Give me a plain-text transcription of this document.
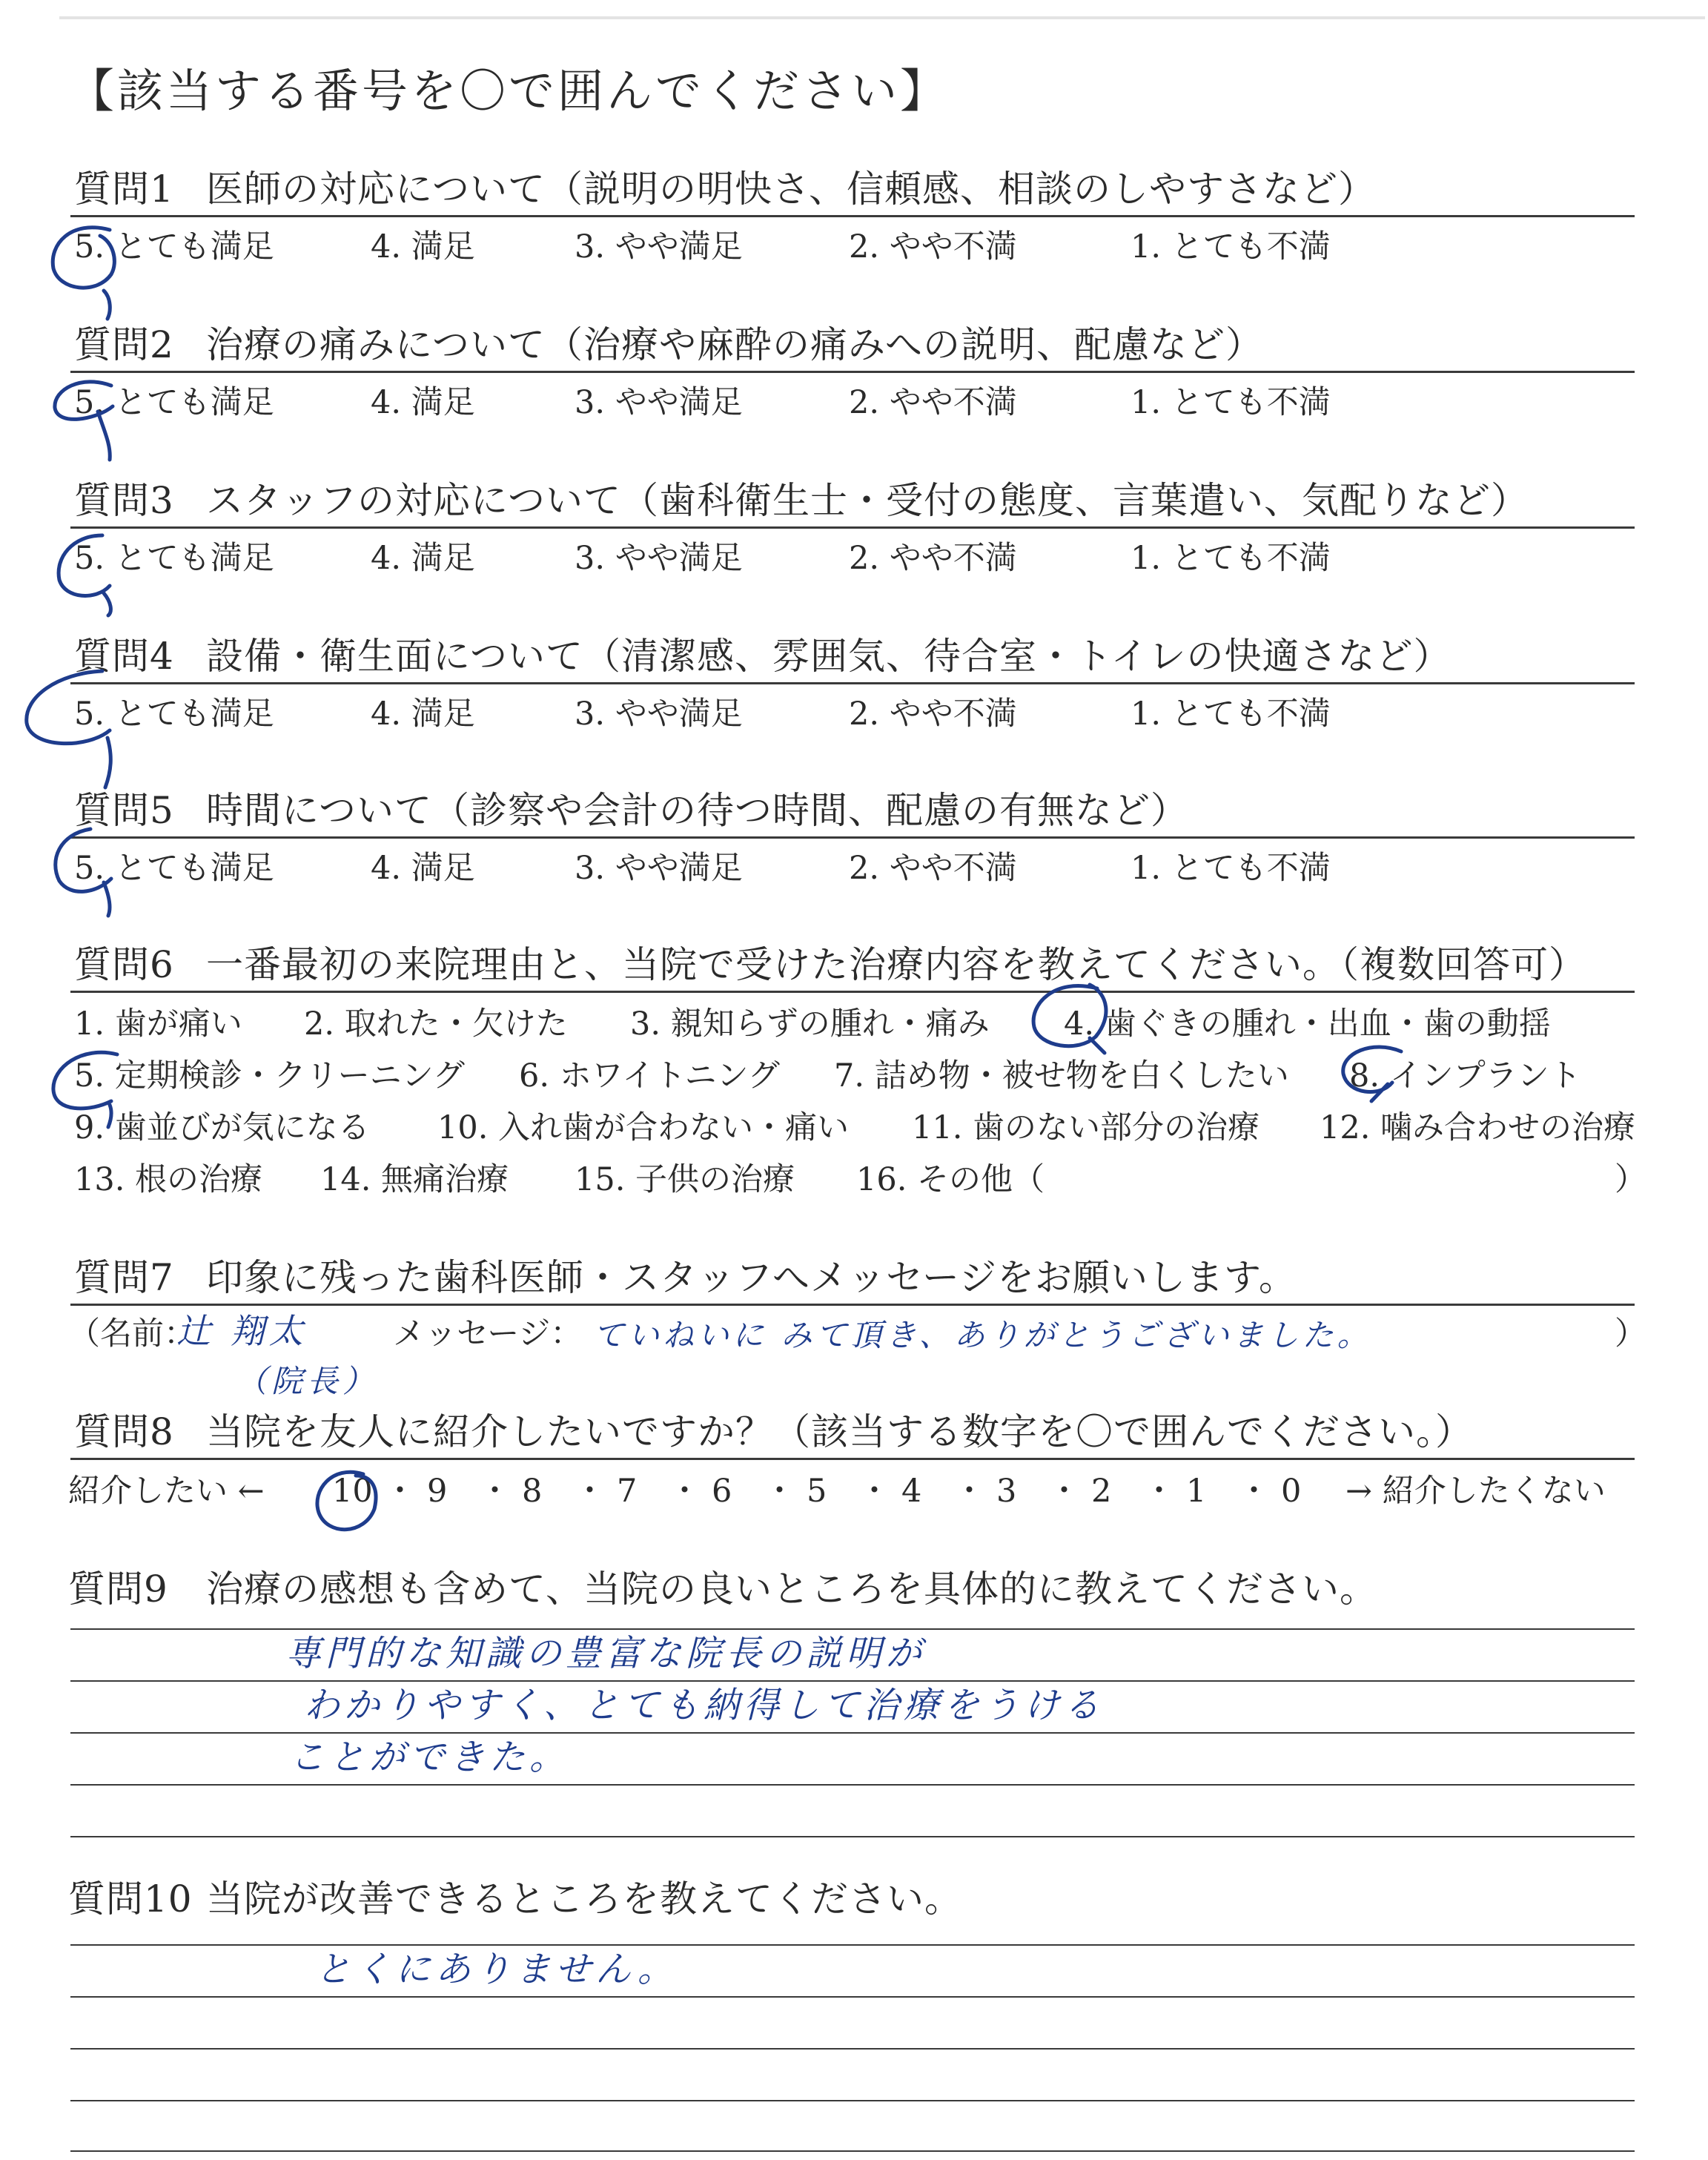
【該当する番号を〇で囲んでください】
質問1 医師の対応について（説明の明快さ、信頼感、相談のしやすさなど）
5. とても満足	4. 満足	3. やや満足	2. やや不満	1. とても不満
質問2 治療の痛みについて（治療や麻酔の痛みへの説明、配慮など）
5. とても満足	4. 満足	3. やや満足	2. やや不満	1. とても不満
質問3 スタッフの対応について（歯科衛生士・受付の態度、言葉遣い、気配りなど）
5. とても満足	4. 満足	3. やや満足	2. やや不満	1. とても不満
質問4 設備・衛生面について（清潔感、雰囲気、待合室・トイレの快適さなど）
5. とても満足	4. 満足	3. やや満足	2. やや不満	1. とても不満
質問5 時間について（診察や会計の待つ時間、配慮の有無など）
5. とても満足	4. 満足	3. やや満足	2. やや不満	1. とても不満
質問6 一番最初の来院理由と、当院で受けた治療内容を教えてください。（複数回答可）
1. 歯が痛い 2. 取れた・欠けた 3. 親知らずの腫れ・痛み 4. 歯ぐきの腫れ・出血・歯の動揺
5. 定期検診・クリーニング 6. ホワイトニング 7. 詰め物・被せ物を白くしたい 8. インプラント
9. 歯並びが気になる 10. 入れ歯が合わない・痛い 11. 歯のない部分の治療 12. 噛み合わせの治療
13. 根の治療 14. 無痛治療 15. 子供の治療 16. その他（	）
質問7 印象に残った歯科医師・スタッフへメッセージをお願いします。
（名前：
辻 翔太
（院長）
メッセージ： ていねいに みて頂き、ありがとうございました。	）
質問8 当院を友人に紹介したいですか？（該当する数字を〇で囲んでください。）
紹介したい ← 10 ・ 9 ・ 8 ・ 7 ・ 6 ・ 5 ・ 4 ・ 3 ・ 2 ・ 1 ・ 0 → 紹介したくない
質問9 治療の感想も含めて、当院の良いところを具体的に教えてください。
専門的な知識の豊富な院長の説明が
わかりやすく、とても納得して治療をうける
ことができた。
質問10 当院が改善できるところを教えてください。
とくにありません。
